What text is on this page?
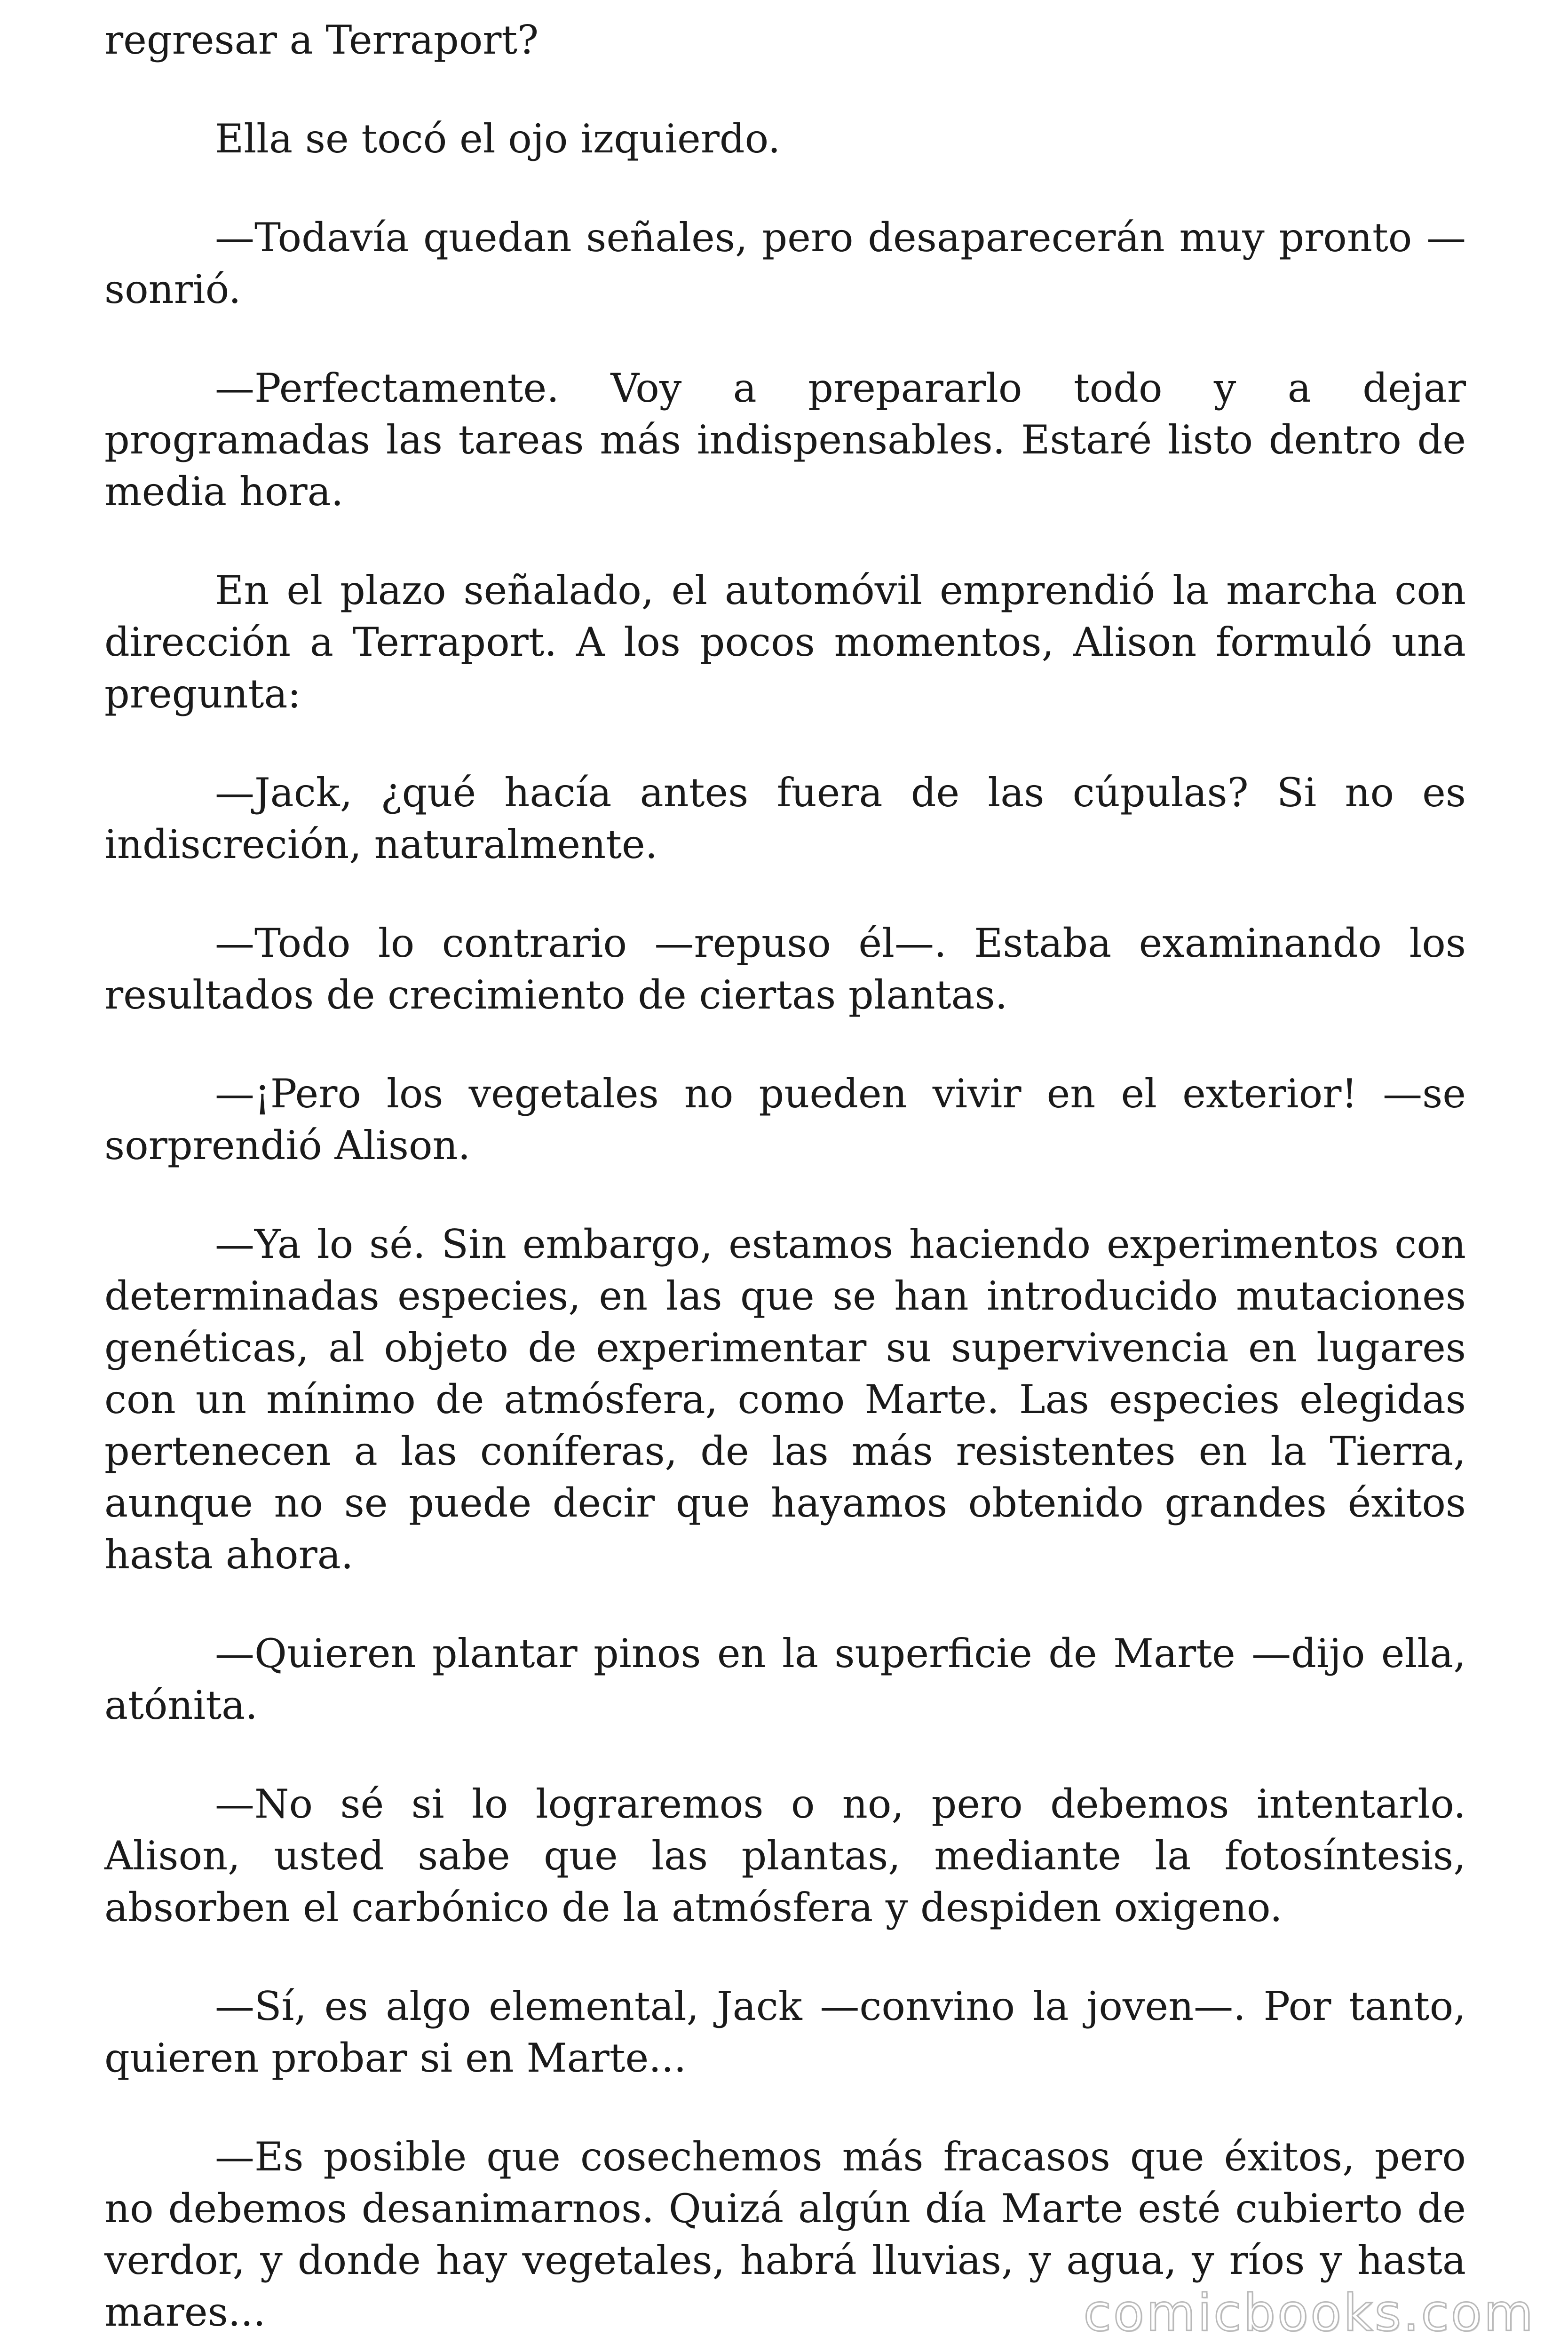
regresar a Terraport?

Ella se tocó el ojo izquierdo.

—Todavía quedan señales, pero desaparecerán muy pronto —sonrió.

—Perfectamente. Voy a prepararlo todo y a dejar programadas las tareas más indispensables. Estaré listo dentro de media hora.

En el plazo señalado, el automóvil emprendió la marcha con dirección a Terraport. A los pocos momentos, Alison formuló una pregunta:

—Jack, ¿qué hacía antes fuera de las cúpulas? Si no es indiscreción, naturalmente.

—Todo lo contrario —repuso él—. Estaba examinando los resultados de crecimiento de ciertas plantas.

—¡Pero los vegetales no pueden vivir en el exterior! —se sorprendió Alison.

—Ya lo sé. Sin embargo, estamos haciendo experimentos con determinadas especies, en las que se han introducido mutaciones genéticas, al objeto de experimentar su supervivencia en lugares con un mínimo de atmósfera, como Marte. Las especies elegidas pertenecen a las coníferas, de las más resistentes en la Tierra, aunque no se puede decir que hayamos obtenido grandes éxitos hasta ahora.

—Quieren plantar pinos en la superficie de Marte —dijo ella, atónita.

—No sé si lo lograremos o no, pero debemos intentarlo. Alison, usted sabe que las plantas, mediante la fotosíntesis, absorben el carbónico de la atmósfera y despiden oxigeno.

—Sí, es algo elemental, Jack —convino la joven—. Por tanto, quieren probar si en Marte...

—Es posible que cosechemos más fracasos que éxitos, pero no debemos desanimarnos. Quizá algún día Marte esté cubierto de verdor, y donde hay vegetales, habrá lluvias, y agua, y ríos y hasta mares...	comicbooks.com
